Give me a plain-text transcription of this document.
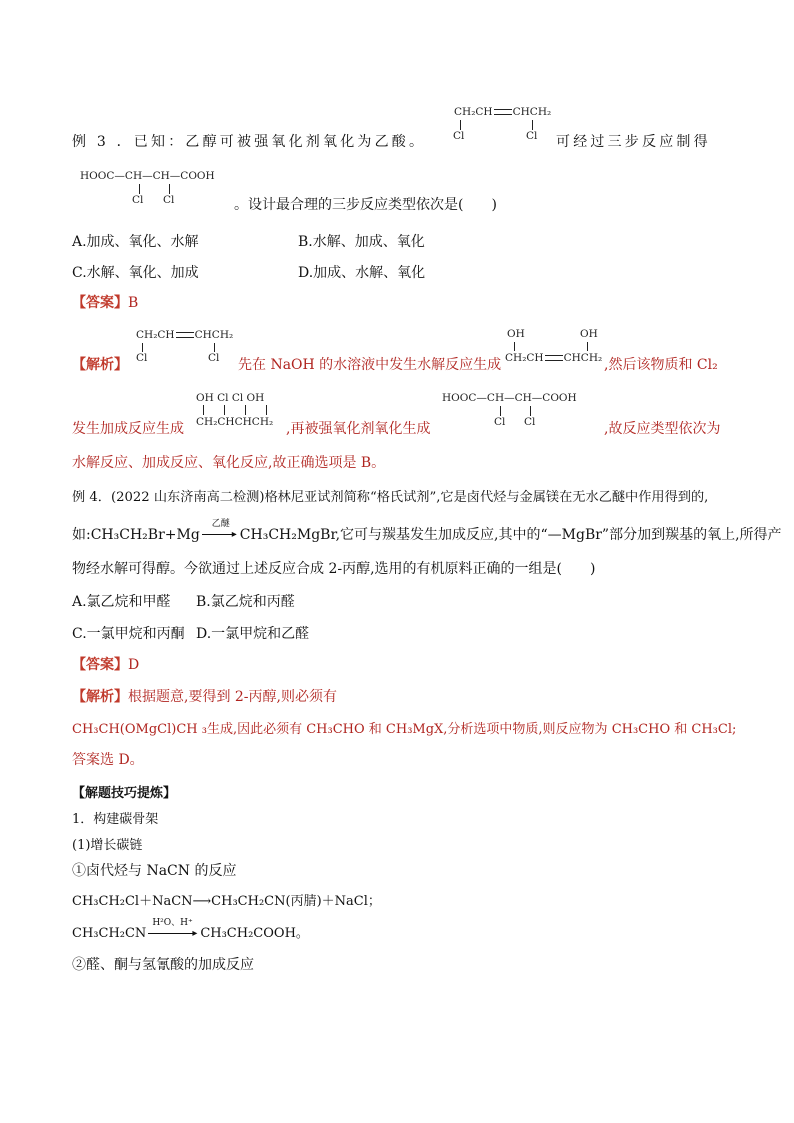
CH₂CH CHCH₂
Cl	Cl
例 3 ．已知：乙醇可被强氧化剂氧化为乙酸。	可经过三步反应制得
HOOC—CH—CH—COOH
Cl Cl	。设计最合理的三步反应类型依次是(　　)
A.加成、氧化、水解	B.水解、加成、氧化
C.水解、氧化、加成	D.加成、水解、氧化
【答案】B
CH₂CH CHCH₂
Cl	Cl
【解析】	先在 NaOH 的水溶液中发生水解反应生成
OH	OH
CH₂CH CHCH₂ ,然后该物质和 Cl₂
OH Cl Cl OH
CH₂CHCHCH₂
发生加成反应生成	,再被强氧化剂氧化生成
HOOC—CH—CH—COOH
Cl Cl	,故反应类型依次为
水解反应、加成反应、氧化反应,故正确选项是 B。
例 4．(2022 山东济南高二检测)格林尼亚试剂简称“格氏试剂”,它是卤代烃与金属镁在无水乙醚中作用得到的,
如:CH₃CH₂Br+Mg
乙醚
▸ CH₃CH₂MgBr,它可与羰基发生加成反应,其中的“—MgBr”部分加到羰基的氧上,所得产
物经水解可得醇。今欲通过上述反应合成 2-丙醇,选用的有机原料正确的一组是(　　)
A.氯乙烷和甲醛 B.氯乙烷和丙醛
C.一氯甲烷和丙酮 D.一氯甲烷和乙醛
【答案】D
【解析】根据题意,要得到 2-丙醇,则必须有
CH₃CH(OMgCl)CH ₃生成,因此必须有 CH₃CHO 和 CH₃MgX,分析选项中物质,则反应物为 CH₃CHO 和 CH₃Cl;
答案选 D。
【解题技巧提炼】
1．构建碳骨架
(1)增长碳链
①卤代烃与 NaCN 的反应
CH₃CH₂Cl＋NaCN⟶CH₃CH₂CN(丙腈)＋NaCl；
CH₃CH₂CN
H²O、H⁺
▸ CH₃CH₂COOH。
②醛、酮与氢氰酸的加成反应
